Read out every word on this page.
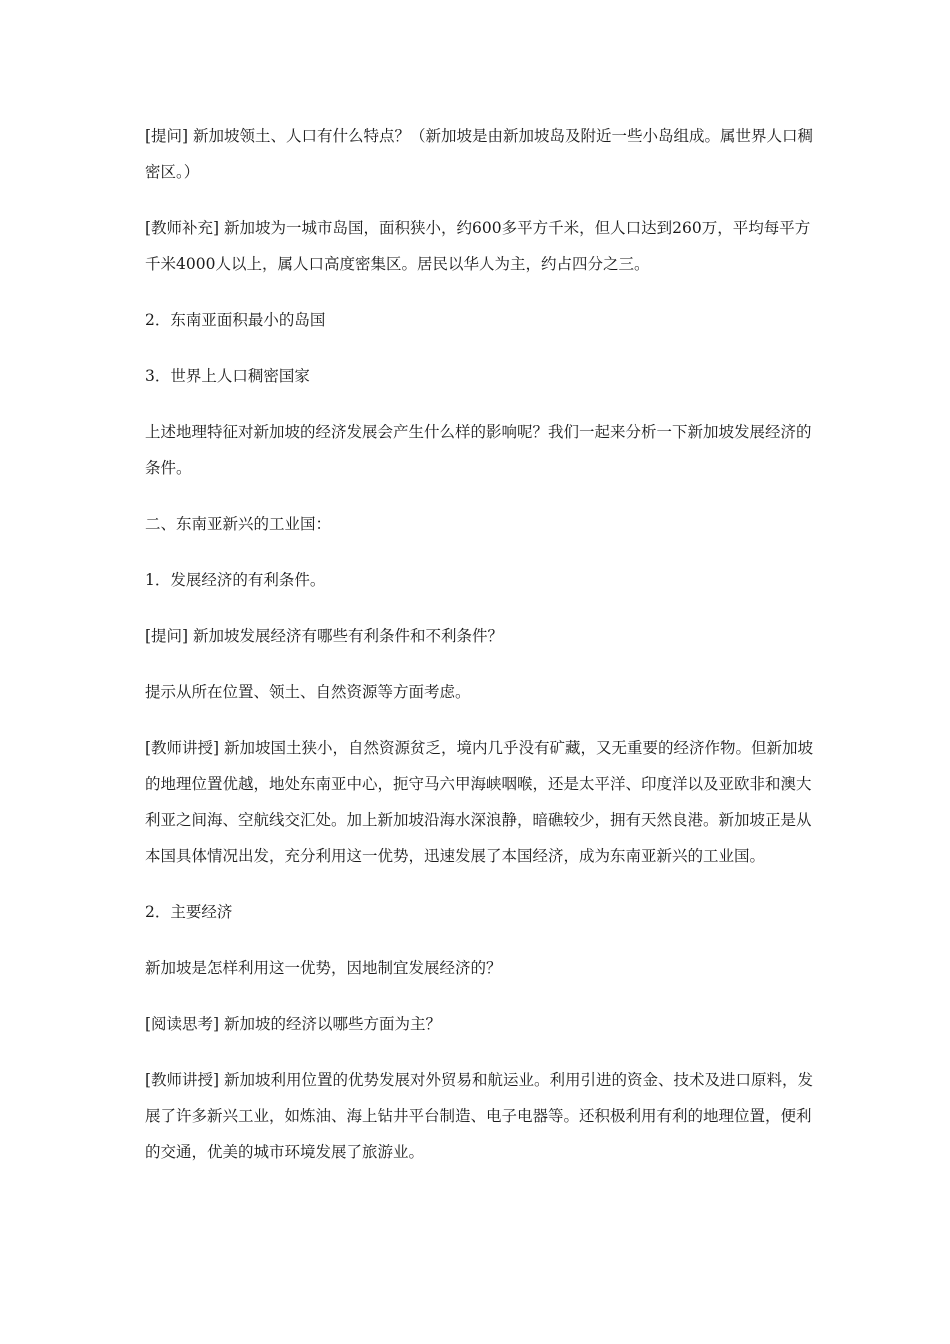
[提问] 新加坡领土、人口有什么特点？（新加坡是由新加坡岛及附近一些小岛组成。属世界人口稠密区。）

[教师补充] 新加坡为一城市岛国，面积狭小，约600多平方千米，但人口达到260万，平均每平方千米4000人以上，属人口高度密集区。居民以华人为主，约占四分之三。

2．东南亚面积最小的岛国

3．世界上人口稠密国家

上述地理特征对新加坡的经济发展会产生什么样的影响呢？我们一起来分析一下新加坡发展经济的条件。

二、东南亚新兴的工业国：

1．发展经济的有利条件。

[提问] 新加坡发展经济有哪些有利条件和不利条件？

提示从所在位置、领土、自然资源等方面考虑。

[教师讲授] 新加坡国土狭小，自然资源贫乏，境内几乎没有矿藏，又无重要的经济作物。但新加坡的地理位置优越，地处东南亚中心，扼守马六甲海峡咽喉，还是太平洋、印度洋以及亚欧非和澳大利亚之间海、空航线交汇处。加上新加坡沿海水深浪静，暗礁较少，拥有天然良港。新加坡正是从本国具体情况出发，充分利用这一优势，迅速发展了本国经济，成为东南亚新兴的工业国。

2．主要经济

新加坡是怎样利用这一优势，因地制宜发展经济的？

[阅读思考] 新加坡的经济以哪些方面为主？

[教师讲授] 新加坡利用位置的优势发展对外贸易和航运业。利用引进的资金、技术及进口原料，发展了许多新兴工业，如炼油、海上钻井平台制造、电子电器等。还积极利用有利的地理位置，便利的交通，优美的城市环境发展了旅游业。
